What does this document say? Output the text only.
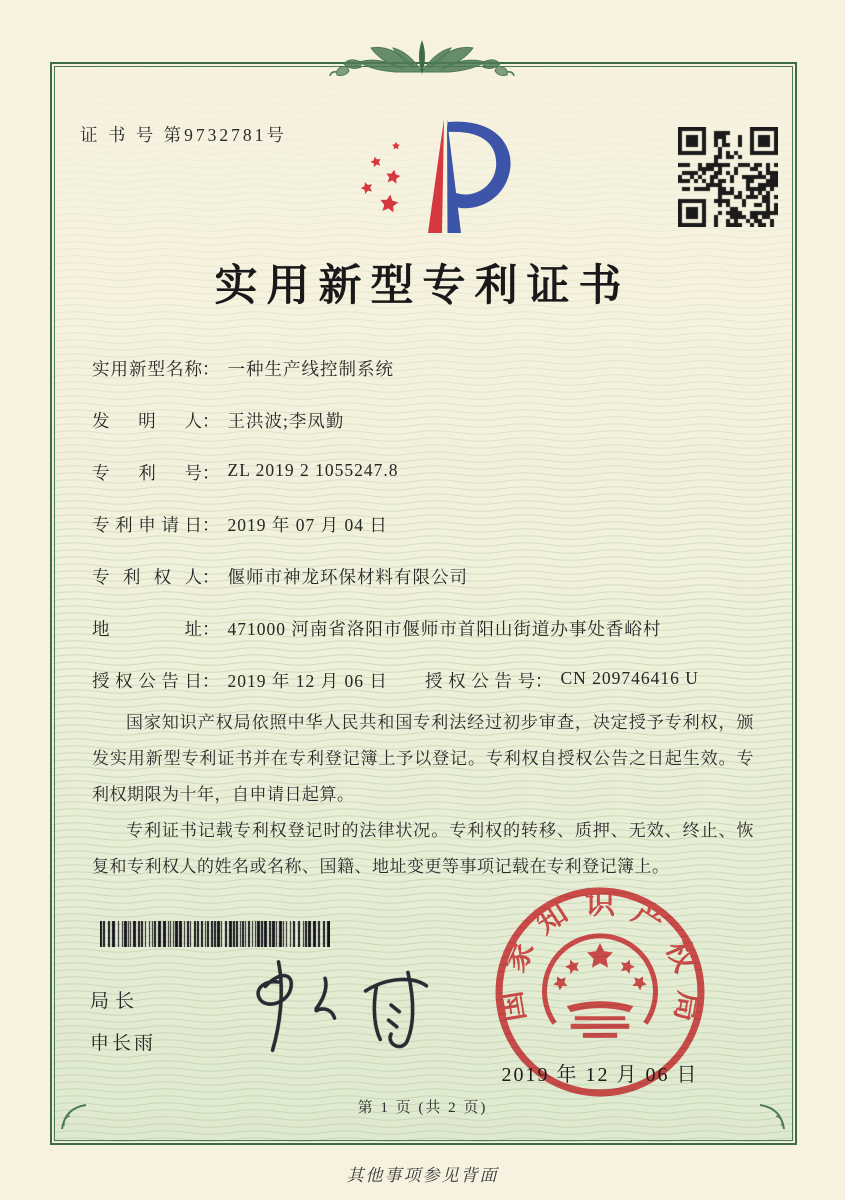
证 书 号 第9732781号
实用新型专利证书
实用新型名称 ： 一种生产线控制系统
发明人 ： 王洪波;李凤勤
专利号 ： ZL 2019 2 1055247.8
专利申请日 ： 2019 年 07 月 04 日
专利权人 ： 偃师市神龙环保材料有限公司
地址 ： 471000 河南省洛阳市偃师市首阳山街道办事处香峪村
授权公告日 ： 2019 年 12 月 06 日 授权公告号 ： CN 209746416 U

国家知识产权局依照中华人民共和国专利法经过初步审查，决定授予专利权，颁发实用新型专利证书并在专利登记簿上予以登记。专利权自授权公告之日起生效。专利权期限为十年，自申请日起算。

专利证书记载专利权登记时的法律状况。专利权的转移、质押、无效、终止、恢复和专利权人的姓名或名称、国籍、地址变更等事项记载在专利登记簿上。

局长
申长雨
国家知识产权局
2019 年 12 月 06 日
第 1 页 (共 2 页)
其他事项参见背面
